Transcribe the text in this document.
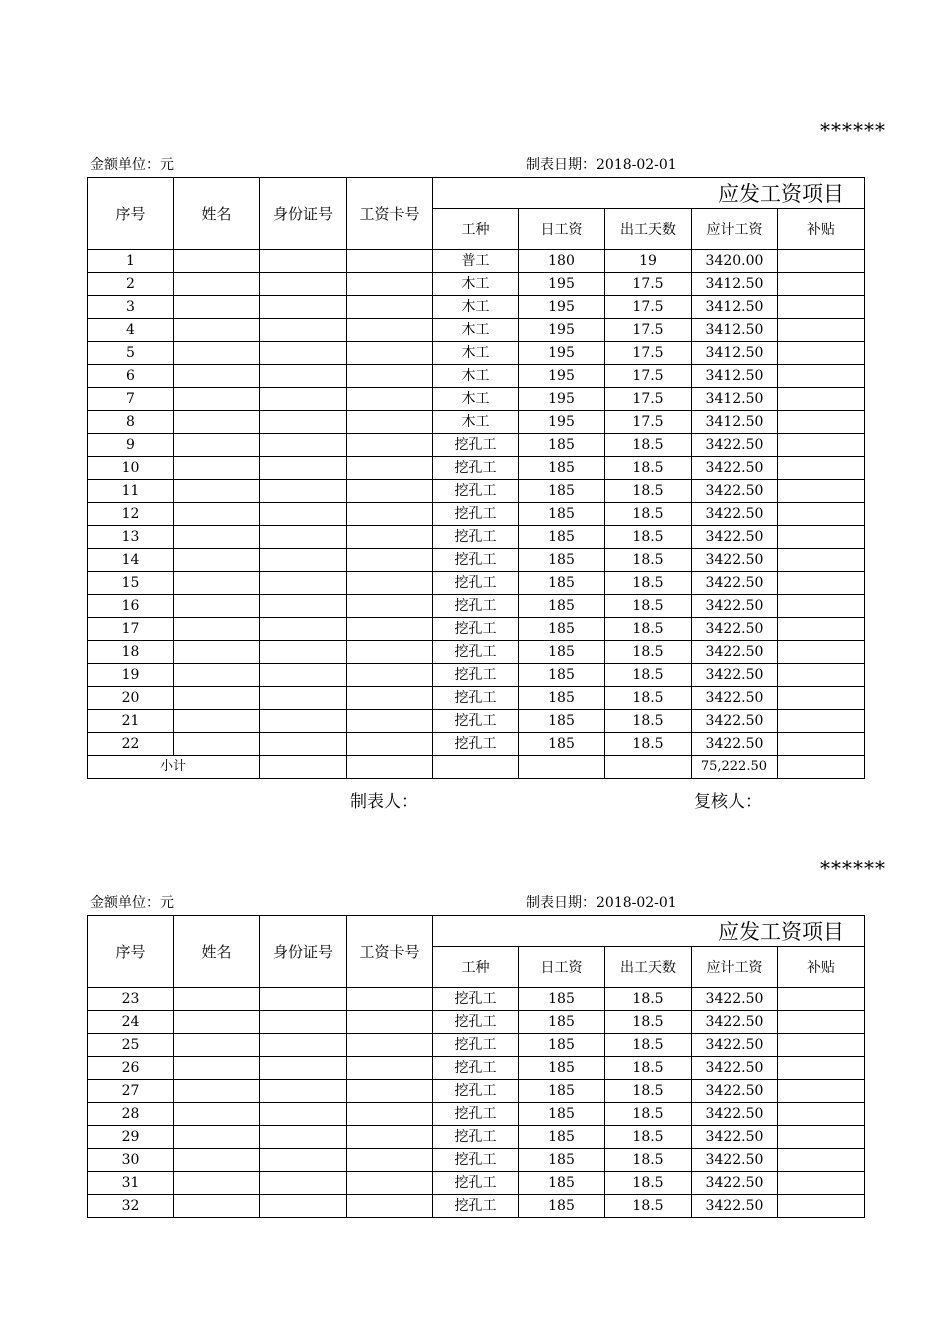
******
金额单位：元	制表日期：2018-02-01
序号	姓名	身份证号	工资卡号	应发工资项目				
				工种	日工资	出工天数	应计工资	补贴
1				普工	180	19	3420.00	
2				木工	195	17.5	3412.50	
3				木工	195	17.5	3412.50	
4				木工	195	17.5	3412.50	
5				木工	195	17.5	3412.50	
6				木工	195	17.5	3412.50	
7				木工	195	17.5	3412.50	
8				木工	195	17.5	3412.50	
9				挖孔工	185	18.5	3422.50	
10				挖孔工	185	18.5	3422.50	
11				挖孔工	185	18.5	3422.50	
12				挖孔工	185	18.5	3422.50	
13				挖孔工	185	18.5	3422.50	
14				挖孔工	185	18.5	3422.50	
15				挖孔工	185	18.5	3422.50	
16				挖孔工	185	18.5	3422.50	
17				挖孔工	185	18.5	3422.50	
18				挖孔工	185	18.5	3422.50	
19				挖孔工	185	18.5	3422.50	
20				挖孔工	185	18.5	3422.50	
21				挖孔工	185	18.5	3422.50	
22				挖孔工	185	18.5	3422.50	
小计							75,222.50	
制表人：	复核人：
******
金额单位：元	制表日期：2018-02-01
序号	姓名	身份证号	工资卡号	应发工资项目				
				工种	日工资	出工天数	应计工资	补贴
23				挖孔工	185	18.5	3422.50	
24				挖孔工	185	18.5	3422.50	
25				挖孔工	185	18.5	3422.50	
26				挖孔工	185	18.5	3422.50	
27				挖孔工	185	18.5	3422.50	
28				挖孔工	185	18.5	3422.50	
29				挖孔工	185	18.5	3422.50	
30				挖孔工	185	18.5	3422.50	
31				挖孔工	185	18.5	3422.50	
32				挖孔工	185	18.5	3422.50	
